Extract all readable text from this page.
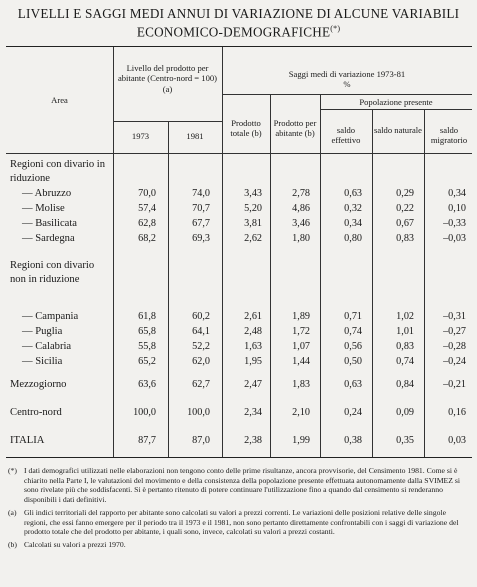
LIVELLI E SAGGI MEDI ANNUI DI VARIAZIONE DI ALCUNE VARIABILI
ECONOMICO-DEMOGRAFICHE(*)
Area
Livello del prodotto per abitante (Centro-nord = 100) (a)
Saggi medi di variazione 1973-81
%
Popolazione presente
1973	1981
Prodotto totale (b)
Prodotto per abitante (b)	saldo effettivo
saldo naturale	saldo migratorio
Regioni con divario in riduzione
— Abruzzo	70,0	74,0	3,43	2,78	0,63	0,29	0,34
— Molise	57,4	70,7	5,20	4,86	0,32	0,22	0,10
— Basilicata	62,8	67,7	3,81	3,46	0,34	0,67	–0,33
— Sardegna	68,2	69,3	2,62	1,80	0,80	0,83	–0,03
Regioni con divario non in riduzione
— Campania	61,8	60,2	2,61	1,89	0,71	1,02	–0,31
— Puglia	65,8	64,1	2,48	1,72	0,74	1,01	–0,27
— Calabria	55,8	52,2	1,63	1,07	0,56	0,83	–0,28
— Sicilia	65,2	62,0	1,95	1,44	0,50	0,74	–0,24
Mezzogiorno	63,6	62,7	2,47	1,83	0,63	0,84	–0,21
Centro-nord	100,0	100,0	2,34	2,10	0,24	0,09	0,16
ITALIA	87,7	87,0	2,38	1,99	0,38	0,35	0,03
(*) I dati demografici utilizzati nelle elaborazioni non tengono conto delle prime risultanze, ancora provvisorie, del Censimento 1981. Come si è chiarito nella Parte I, le valutazioni del movimento e della consistenza della popolazione presente effettuata autonomamente dalla SVIMEZ si sono rivelate più che soddisfacenti. Si è pertanto ritenuto di potere continuare l'utilizzazione fino a quando dal censimento si renderanno disponibili i dati definitivi.
(a) Gli indici territoriali del rapporto per abitante sono calcolati su valori a prezzi correnti. Le variazioni delle posizioni relative delle singole regioni, che essi fanno emergere per il periodo tra il 1973 e il 1981, non sono pertanto direttamente confrontabili con i saggi di variazione del prodotto totale che del prodotto per abitante, i quali sono, invece, calcolati su valori a prezzi costanti.
(b) Calcolati su valori a prezzi 1970.
